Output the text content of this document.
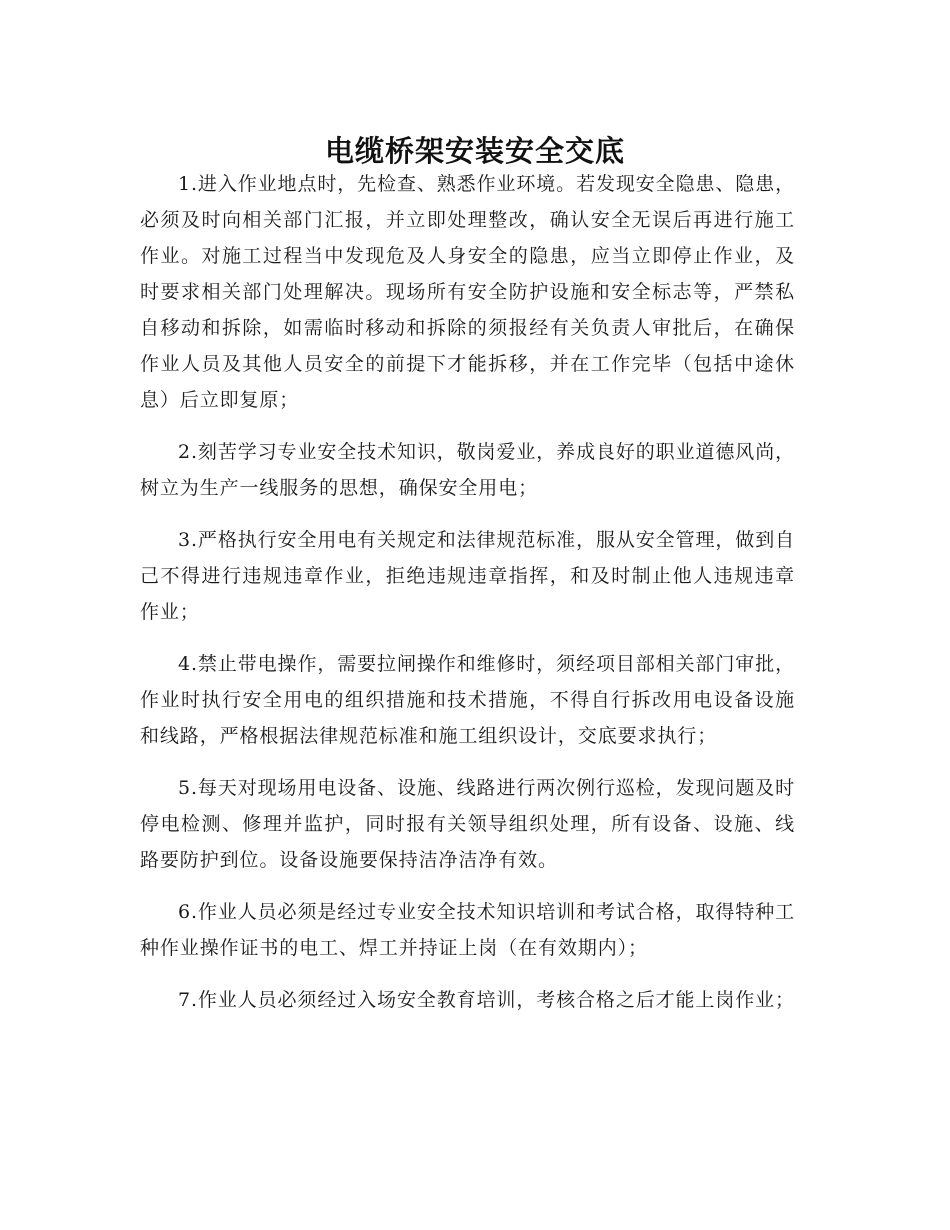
电缆桥架安装安全交底

1.进入作业地点时，先检查、熟悉作业环境。若发现安全隐患、隐患，必须及时向相关部门汇报，并立即处理整改，确认安全无误后再进行施工作业。对施工过程当中发现危及人身安全的隐患，应当立即停止作业，及时要求相关部门处理解决。现场所有安全防护设施和安全标志等，严禁私自移动和拆除，如需临时移动和拆除的须报经有关负责人审批后，在确保作业人员及其他人员安全的前提下才能拆移，并在工作完毕（包括中途休息）后立即复原；

2.刻苦学习专业安全技术知识，敬岗爱业，养成良好的职业道德风尚，树立为生产一线服务的思想，确保安全用电；

3.严格执行安全用电有关规定和法律规范标准，服从安全管理，做到自己不得进行违规违章作业，拒绝违规违章指挥，和及时制止他人违规违章作业；

4.禁止带电操作，需要拉闸操作和维修时，须经项目部相关部门审批，作业时执行安全用电的组织措施和技术措施，不得自行拆改用电设备设施和线路，严格根据法律规范标准和施工组织设计，交底要求执行；

5.每天对现场用电设备、设施、线路进行两次例行巡检，发现问题及时停电检测、修理并监护，同时报有关领导组织处理，所有设备、设施、线路要防护到位。设备设施要保持洁净洁净有效。

6.作业人员必须是经过专业安全技术知识培训和考试合格，取得特种工种作业操作证书的电工、焊工并持证上岗（在有效期内）；

7.作业人员必须经过入场安全教育培训，考核合格之后才能上岗作业；
